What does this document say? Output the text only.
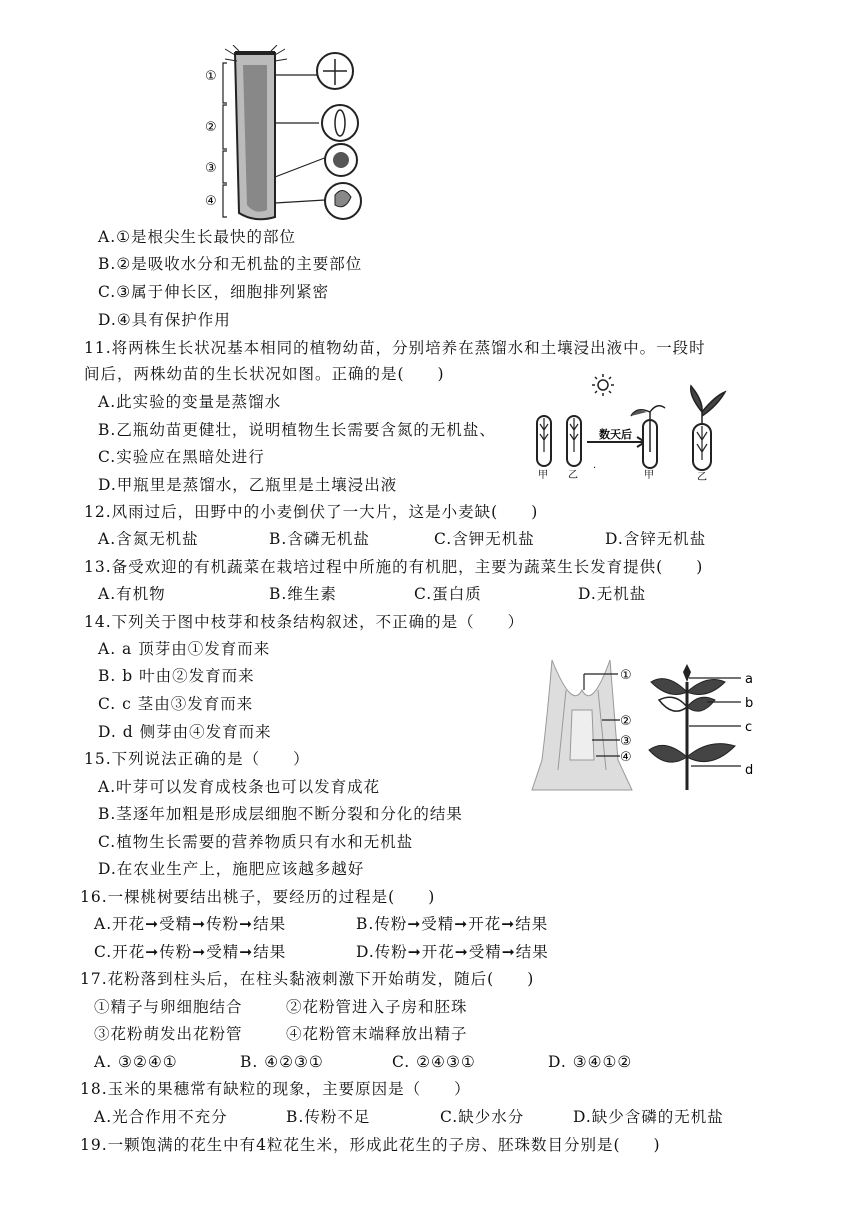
①
②
③
④
A.①是根尖生长最快的部位
B.②是吸收水分和无机盐的主要部位
C.③属于伸长区，细胞排列紧密
D.④具有保护作用
11.将两株生长状况基本相同的植物幼苗，分别培养在蒸馏水和土壤浸出液中。一段时
间后，两株幼苗的生长状况如图。正确的是(　　)
A.此实验的变量是蒸馏水
B.乙瓶幼苗更健壮，说明植物生长需要含氮的无机盐、
C.实验应在黑暗处进行
D.甲瓶里是蒸馏水，乙瓶里是土壤浸出液
甲 乙
数天后
.
甲	乙
12.风雨过后，田野中的小麦倒伏了一大片，这是小麦缺(　　)
A.含氮无机盐	B.含磷无机盐	C.含钾无机盐	D.含锌无机盐
13.备受欢迎的有机蔬菜在栽培过程中所施的有机肥，主要为蔬菜生长发育提供(　　)
A.有机物	B.维生素	C.蛋白质	D.无机盐
14.下列关于图中枝芽和枝条结构叙述，不正确的是（　　）
A. a 顶芽由①发育而来
B. b 叶由②发育而来
C. c 茎由③发育而来
D. d 侧芽由④发育而来
①
②
③
④
a
b
c
d
15.下列说法正确的是（　　）
A.叶芽可以发育成枝条也可以发育成花
B.茎逐年加粗是形成层细胞不断分裂和分化的结果
C.植物生长需要的营养物质只有水和无机盐
D.在农业生产上，施肥应该越多越好
16.一棵桃树要结出桃子，要经历的过程是(　　)
A.开花➞受精➞传粉➞结果	B.传粉➞受精➞开花➞结果
C.开花➞传粉➞受精➞结果	D.传粉➞开花➞受精➞结果
17.花粉落到柱头后，在柱头黏液刺激下开始萌发，随后(　　)
①精子与卵细胞结合	②花粉管进入子房和胚珠
③花粉萌发出花粉管	④花粉管末端释放出精子
A. ③②④①	B. ④②③①	C. ②④③①	D. ③④①②
18.玉米的果穗常有缺粒的现象，主要原因是（　　）
A.光合作用不充分	B.传粉不足	C.缺少水分	D.缺少含磷的无机盐
19.一颗饱满的花生中有4粒花生米，形成此花生的子房、胚珠数目分别是(　　)
